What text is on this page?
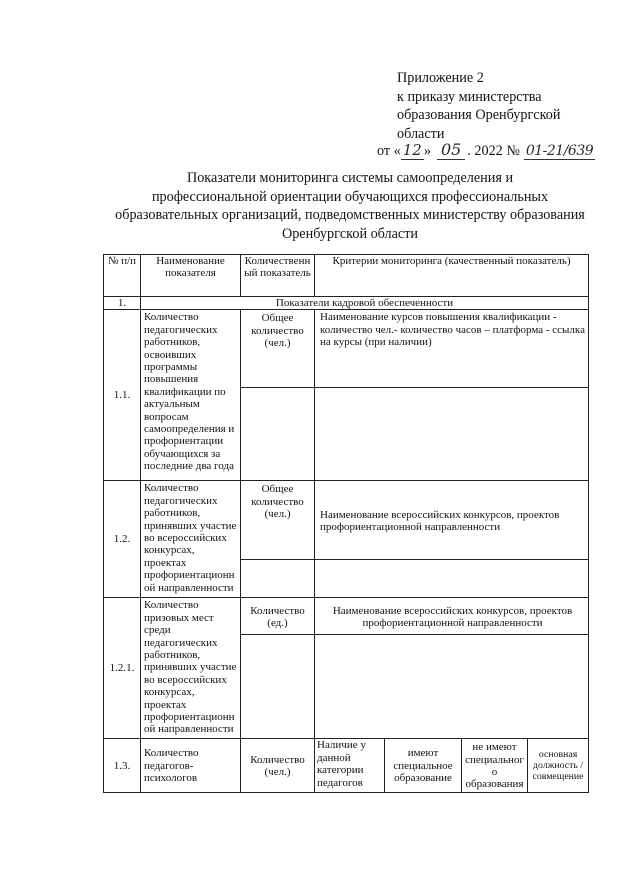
Приложение 2
к приказу министерства
образования Оренбургской
области
от « 12 » 05 . 2022 № 01-21/639
Показатели мониторинга системы самоопределения и
профессиональной ориентации обучающихся профессиональных
образовательных организаций, подведомственных министерству образования
Оренбургской области
№ п/п	Наименование показателя	Количественный показатель	Критерии мониторинга (качественный показатель)			
1.	Показатели кадровой обеспеченности					
1.1.	Количество педагогических работников, освоивших программы повышения квалификации по актуальным вопросам самоопределения и профориентации обучающихся за последние два года	Общее количество (чел.)	Наименование курсов повышения квалификации - количество чел.- количество часов – платформа - ссылка на курсы (при наличии)			

1.2.	Количество педагогических работников, принявших участие во всероссийских конкурсах, проектах профориентационной направленности	Общее количество (чел.)	Наименование всероссийских конкурсов, проектов профориентационной направленности			

1.2.1.	Количество призовых мест среди педагогических работников, принявших участие во всероссийских конкурсах, проектах профориентационной направленности	Количество (ед.)	Наименование всероссийских конкурсов, проектов профориентационной направленности			

1.3.	Количество педагогов-психологов	Количество (чел.)	Наличие у данной категории педагогов	имеют специальное образование	не имеют специального образования	основная должность / совмещение
